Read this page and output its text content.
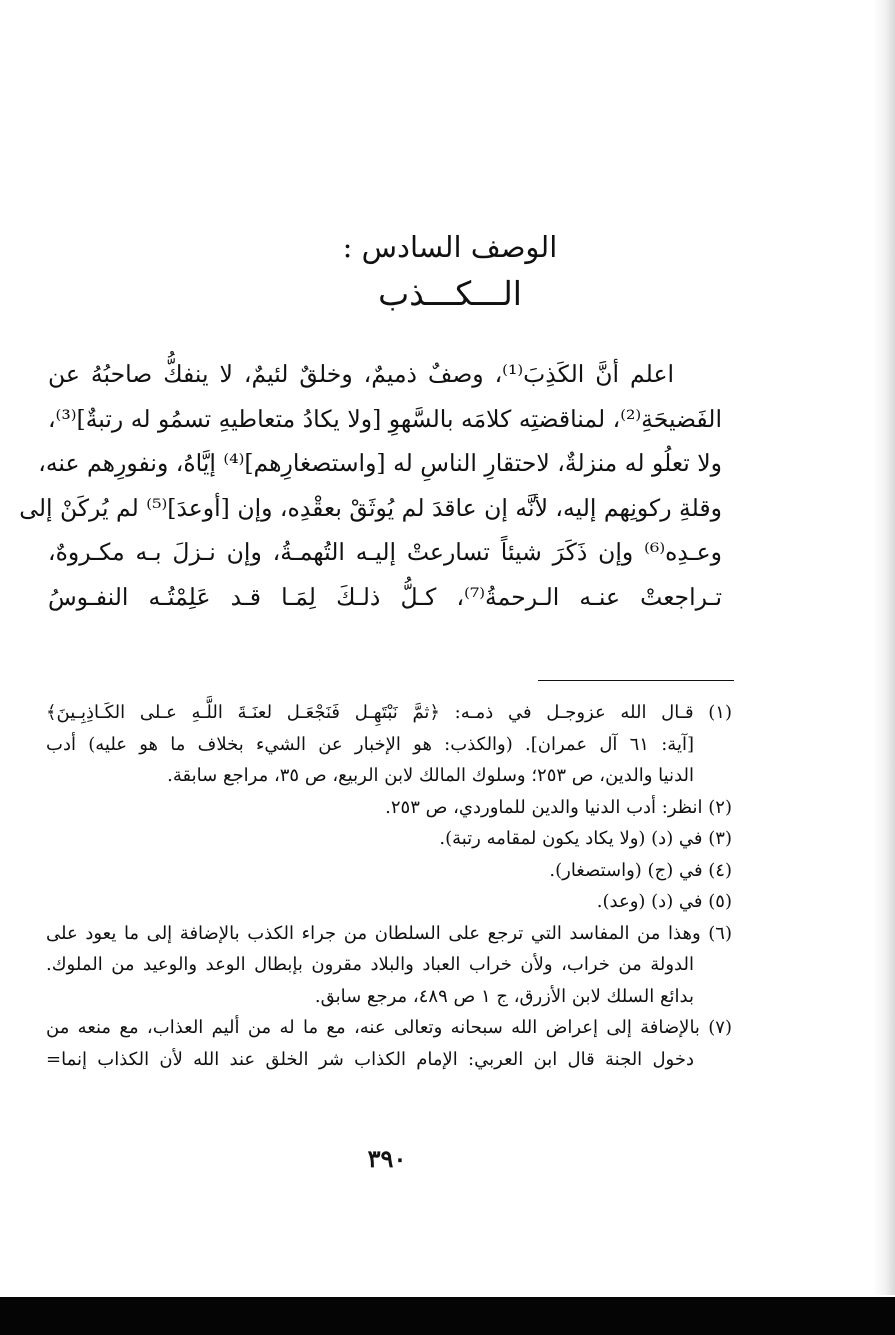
الوصف السادس :

الـــكـــذب

اعلم أنَّ الكَذِبَ⁽¹⁾، وصفٌ ذميمٌ، وخلقٌ لئيمٌ، لا ينفكُّ صاحبُهُ عن
الفَضيحَةِ⁽²⁾، لمناقضتِه كلامَه بالسَّهوِ [ولا يكادُ متعاطيهِ تسمُو له رتبةٌ]⁽³⁾،
ولا تعلُو له منزلةٌ، لاحتقارِ الناسِ له [واستصغارِهم]⁽⁴⁾ إيَّاهُ، ونفورِهم عنه،
وقلةِ ركونِهم إليه، لأنَّه إن عاقدَ لم يُوثَقْ بعقْدِه، وإن [أوعدَ]⁽⁵⁾ لم يُركَنْ إلى
وعـدِه⁽⁶⁾ وإن ذَكَرَ شيئاً تسارعتْ إليـه التُهمـةُ، وإن نـزلَ بـه مكـروهٌ،
تـراجعتْ عنـه الـرحمةُ⁽⁷⁾، كـلُّ ذلـكَ لِمَـا قـد عَلِمْتُـه النفـوسُ
(١) قـال الله عزوجـل في ذمـه: ﴿ثمَّ نَبْتَهِـل فَنَجْعَـل لعنَـةَ اللَّـهِ عـلى الكَـاذِبِـينَ﴾
[آية: ٦١ آل عمران]. (والكذب: هو الإخبار عن الشيء بخلاف ما هو عليه) أدب
الدنيا والدين، ص ٢٥٣؛ وسلوك المالك لابن الربيع، ص ٣٥، مراجع سابقة.
(٢) انظر: أدب الدنيا والدين للماوردي، ص ٢٥٣.
(٣) في (د) (ولا يكاد يكون لمقامه رتبة).
(٤) في (ج) (واستصغار).
(٥) في (د) (وعد).
(٦) وهذا من المفاسد التي ترجع على السلطان من جراء الكذب بالإضافة إلى ما يعود على
الدولة من خراب، ولأن خراب العباد والبلاد مقرون بإبطال الوعد والوعيد من الملوك.
بدائع السلك لابن الأزرق، ج ١ ص ٤٨٩، مرجع سابق.
(٧) بالإضافة إلى إعراض الله سبحانه وتعالى عنه، مع ما له من أليم العذاب، مع منعه من
دخول الجنة قال ابن العربي: الإمام الكذاب شر الخلق عند الله لأن الكذاب إنما=
٣٩٠
